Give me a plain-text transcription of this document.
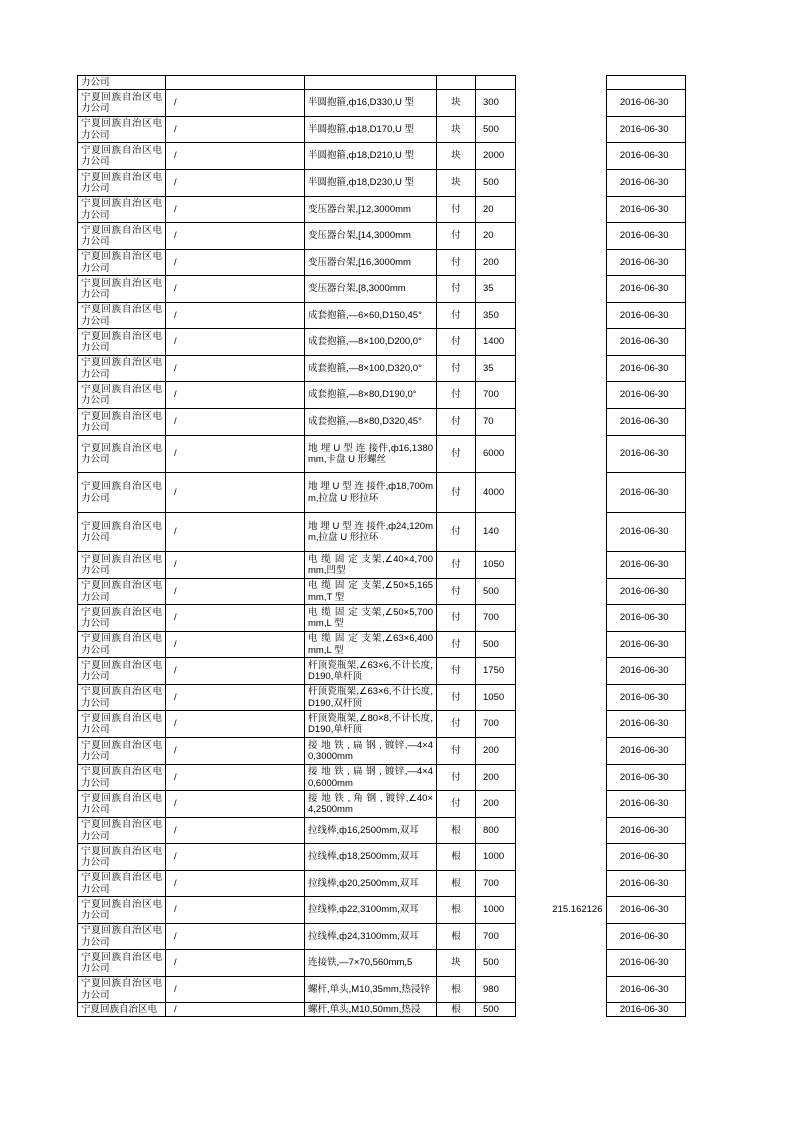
力公司							
宁夏回族自治区电力公司	/	半圆抱箍,ф16,D330,U 型	块	300			2016-06-30
宁夏回族自治区电力公司	/	半圆抱箍,ф18,D170,U 型	块	500			2016-06-30
宁夏回族自治区电力公司	/	半圆抱箍,ф18,D210,U 型	块	2000			2016-06-30
宁夏回族自治区电力公司	/	半圆抱箍,ф18,D230,U 型	块	500			2016-06-30
宁夏回族自治区电力公司	/	变压器台架,[12,3000mm	付	20			2016-06-30
宁夏回族自治区电力公司	/	变压器台架,[14,3000mm	付	20			2016-06-30
宁夏回族自治区电力公司	/	变压器台架,[16,3000mm	付	200			2016-06-30
宁夏回族自治区电力公司	/	变压器台架,[8,3000mm	付	35			2016-06-30
宁夏回族自治区电力公司	/	成套抱箍,—6×60,D150,45°	付	350			2016-06-30
宁夏回族自治区电力公司	/	成套抱箍,—8×100,D200,0°	付	1400			2016-06-30
宁夏回族自治区电力公司	/	成套抱箍,—8×100,D320,0°	付	35			2016-06-30
宁夏回族自治区电力公司	/	成套抱箍,—8×80,D190,0°	付	700			2016-06-30
宁夏回族自治区电力公司	/	成套抱箍,—8×80,D320,45°	付	70			2016-06-30
宁夏回族自治区电力公司	/	地 埋 U 型 连 接件,ф16,1380mm,卡盘 U 形螺丝	付	6000			2016-06-30
宁夏回族自治区电力公司	/	地 埋 U 型 连 接件,ф18,700mm,拉盘 U 形拉环	付	4000			2016-06-30
宁夏回族自治区电力公司	/	地 埋 U 型 连 接件,ф24,120mm,拉盘 U 形拉环	付	140			2016-06-30
宁夏回族自治区电力公司	/	电 缆 固 定 支架,∠40×4,700mm,凹型	付	1050			2016-06-30
宁夏回族自治区电力公司	/	电 缆 固 定 支架,∠50×5,165mm,T 型	付	500			2016-06-30
宁夏回族自治区电力公司	/	电 缆 固 定 支架,∠50×5,700mm,L 型	付	700			2016-06-30
宁夏回族自治区电力公司	/	电 缆 固 定 支架,∠63×6,400mm,L 型	付	500			2016-06-30
宁夏回族自治区电力公司	/	杆顶瓷瓶架,∠63×6,不计长度,D190,单杆顶	付	1750			2016-06-30
宁夏回族自治区电力公司	/	杆顶瓷瓶架,∠63×6,不计长度,D190,双杆顶	付	1050			2016-06-30
宁夏回族自治区电力公司	/	杆顶瓷瓶架,∠80×8,不计长度,D190,单杆顶	付	700			2016-06-30
宁夏回族自治区电力公司	/	接 地 铁 , 扁 钢 , 镀锌,—4×40,3000mm	付	200			2016-06-30
宁夏回族自治区电力公司	/	接 地 铁 , 扁 钢 , 镀锌,—4×40,6000mm	付	200			2016-06-30
宁夏回族自治区电力公司	/	接 地 铁 , 角 钢 , 镀锌,∠40×4,2500mm	付	200			2016-06-30
宁夏回族自治区电力公司	/	拉线棒,ф16,2500mm,双耳	根	800			2016-06-30
宁夏回族自治区电力公司	/	拉线棒,ф18,2500mm,双耳	根	1000			2016-06-30
宁夏回族自治区电力公司	/	拉线棒,ф20,2500mm,双耳	根	700			2016-06-30
宁夏回族自治区电力公司	/	拉线棒,ф22,3100mm,双耳	根	1000		215.162126	2016-06-30
宁夏回族自治区电力公司	/	拉线棒,ф24,3100mm,双耳	根	700			2016-06-30
宁夏回族自治区电力公司	/	连接铁,—7×70,560mm,5	块	500			2016-06-30
宁夏回族自治区电力公司	/	螺杆,单头,M10,35mm,热浸锌	根	980			2016-06-30
宁夏回族自治区电	/	螺杆,单头,M10,50mm,热浸	根	500			2016-06-30
